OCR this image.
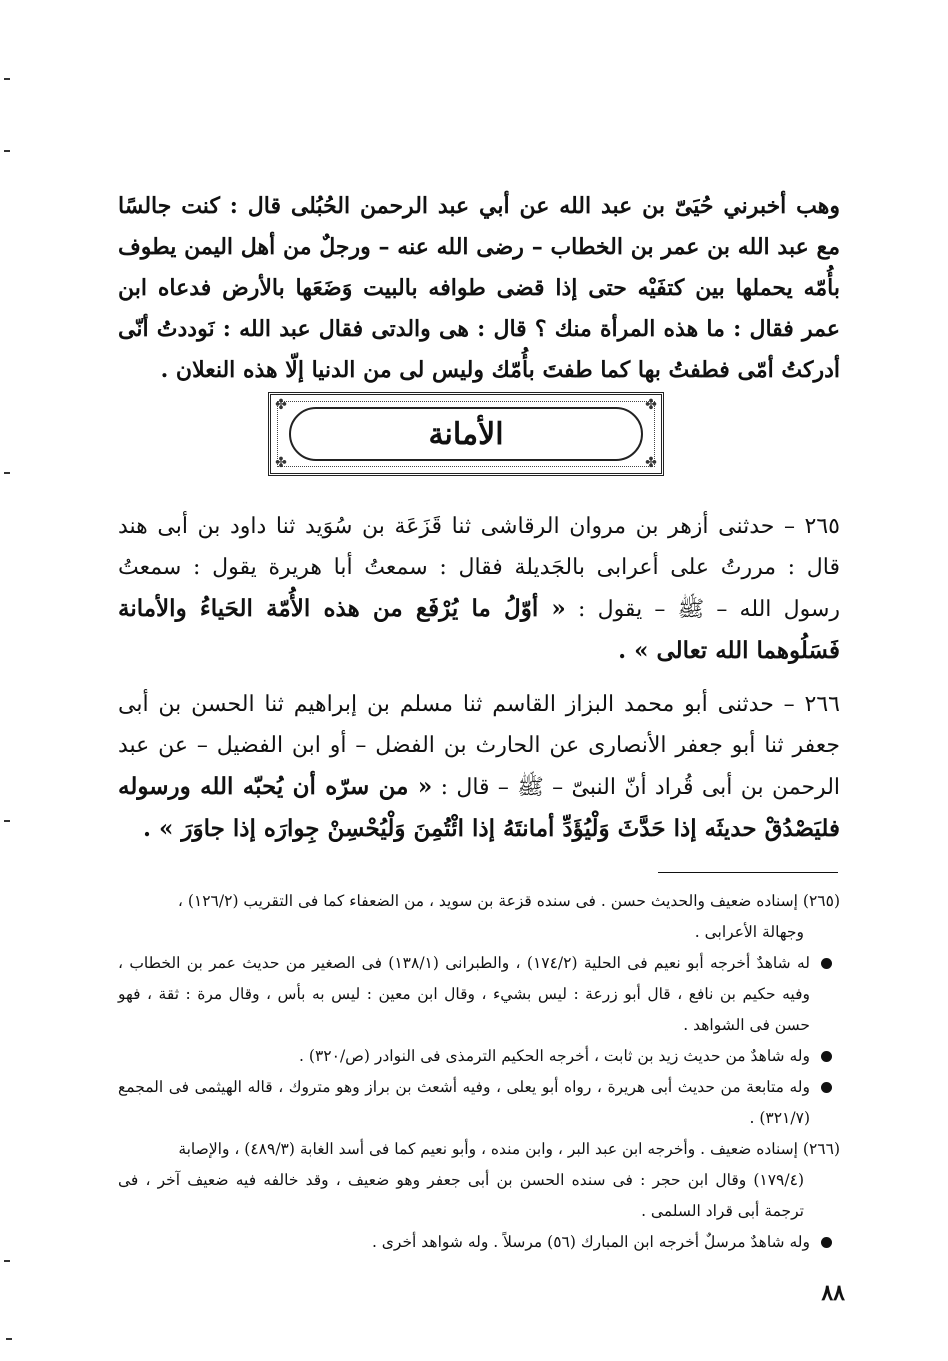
وهب أخبرني حُيَىّ بن عبد الله عن أبي عبد الرحمن الحُبُلى قال : كنت جالسًا مع عبد الله بن عمر بن الخطاب – رضى الله عنه – ورجلٌ من أهل اليمن يطوف بأُمّه يحملها بين كتفَيْه حتى إذا قضى طوافه بالبيت وَضَعَها بالأرض فدعاه ابن عمر فقال : ما هذه المرأة منك ؟ قال : هى والدتى فقال عبد الله : نَوددتُ أنّى أدركتُ أمّى فطفتُ بها كما طفتَ بأُمّك وليس لى من الدنيا إلّا هذه النعلان .

✤	✤
✤	✤
الأمانة

٢٦٥ – حدثنى أزهر بن مروان الرقاشى ثنا قَزَعَة بن سُوَيد ثنا داود بن أبى هند قال : مررتُ على أعرابى بالجَديلة فقال : سمعتُ أبا هريرة يقول : سمعتُ رسول الله – ﷺ – يقول : « أوّلُ ما يُرْفَع من هذه الأُمّة الحَياءُ والأمانة فَسَلُوهما الله تعالى » .

٢٦٦ – حدثنى أبو محمد البزاز القاسم ثنا مسلم بن إبراهيم ثنا الحسن بن أبى جعفر ثنا أبو جعفر الأنصارى عن الحارث بن الفضل – أو ابن الفضيل – عن عبد الرحمن بن أبى قُراد أنّ النبىّ – ﷺ – قال : « من سرّه أن يُحبّه الله ورسوله فليَصْدُقْ حديثَه إذا حَدَّثَ وَلْيُؤَدِّ أمانتَهُ إذا ائْتُمِنَ وَلْيُحْسِنْ جِوارَه إذا جاوَرَ » .

(٢٦٥) إسناده ضعيف والحديث حسن . فى سنده قزعة بن سويد ، من الضعفاء كما فى التقريب (١٢٦/٢) ،

وجهالة الأعرابى .

له شاهدٌ أخرجه أبو نعيم فى الحلية (١٧٤/٢) ، والطبرانى (١٣٨/١) فى الصغير من حديث عمر بن الخطاب ، وفيه حكيم بن نافع ، قال أبو زرعة : ليس بشيء ، وقال ابن معين : ليس به بأس ، وقال مرة : ثقة ، فهو حسن فى الشواهد .

وله شاهدٌ من حديث زيد بن ثابت ، أخرجه الحكيم الترمذى فى النوادر (ص/٣٢٠) .

وله متابعة من حديث أبى هريرة ، رواه أبو يعلى ، وفيه أشعث بن براز وهو متروك ، قاله الهيثمى فى المجمع (٣٢١/٧) .

(٢٦٦) إسناده ضعيف . وأخرجه ابن عبد البر ، وابن منده ، وأبو نعيم كما فى أسد الغابة (٤٨٩/٣) ، والإصابة

(١٧٩/٤) وقال ابن حجر : فى سنده الحسن بن أبى جعفر وهو ضعيف ، وقد خالفه فيه ضعيف آخر ، فى ترجمة أبى قراد السلمى .

وله شاهدٌ مرسلٌ أخرجه ابن المبارك (٥٦) مرسلاً . وله شواهد أخرى .

٨٨
